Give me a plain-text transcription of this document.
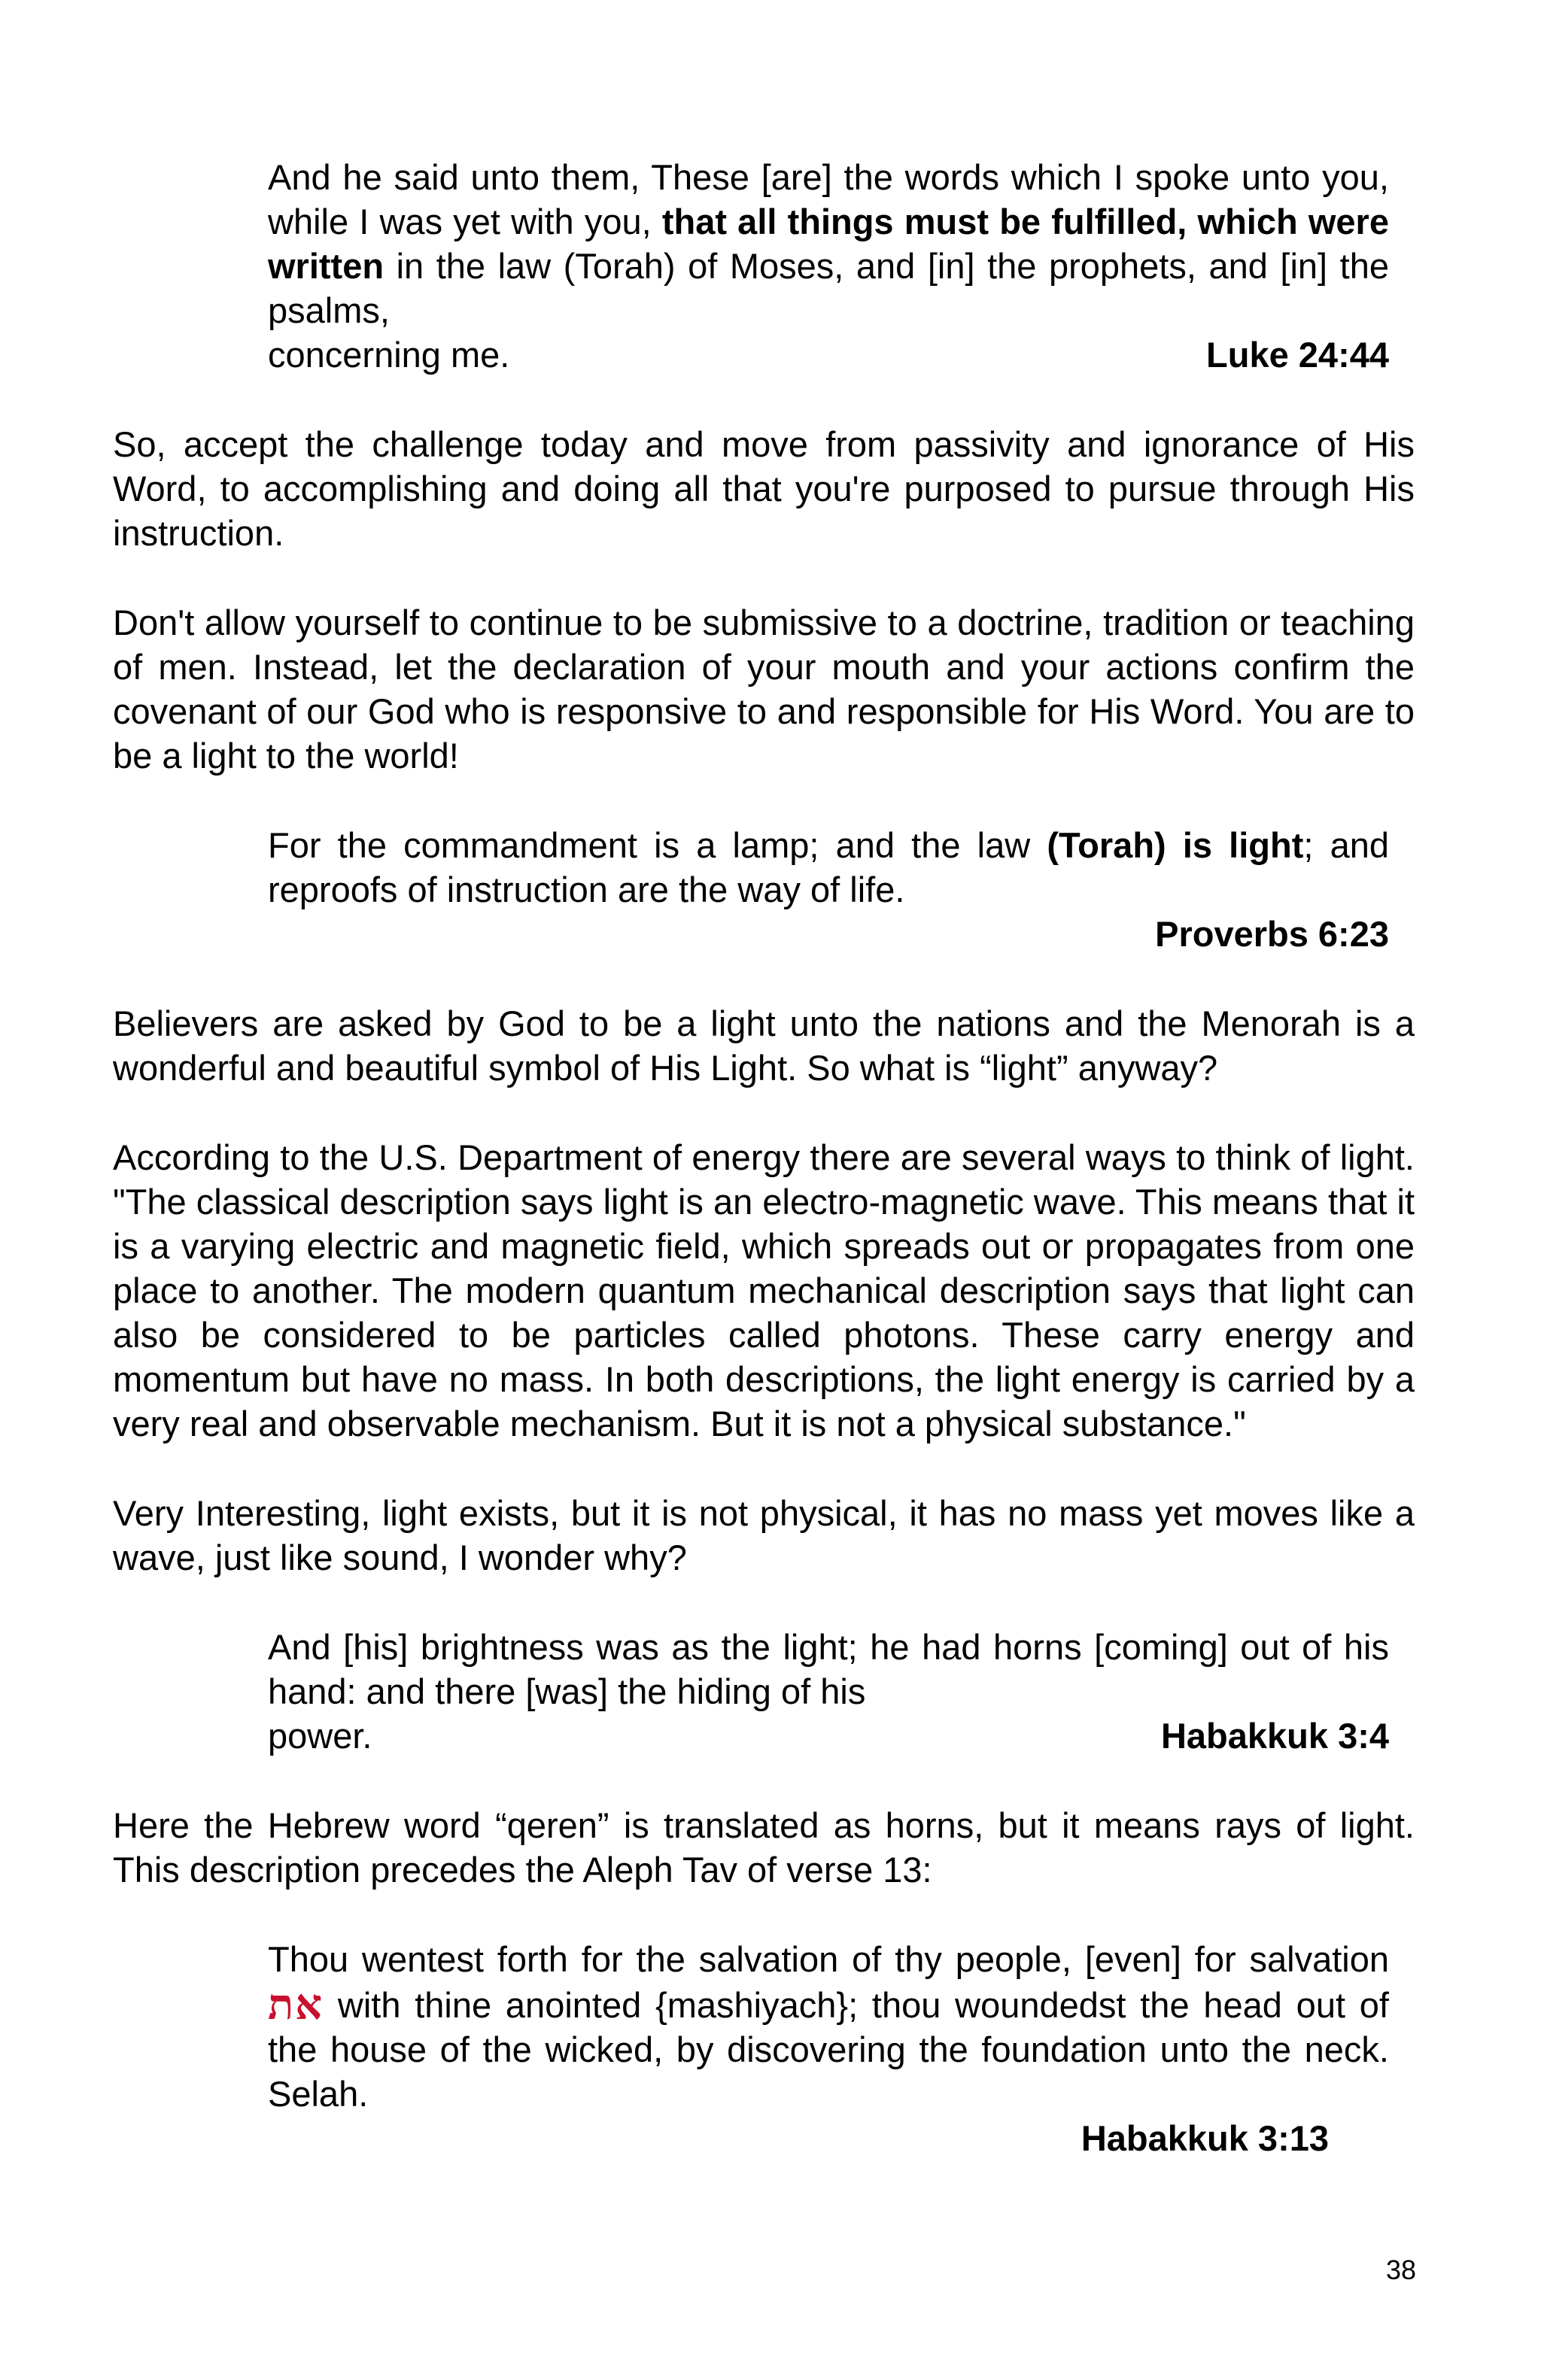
And he said unto them, These [are] the words which I spoke unto you, while I was yet with you, that all things must be fulfilled, which were written in the law (Torah) of Moses, and [in] the prophets, and [in] the psalms,
concerning me.	Luke 24:44

So, accept the challenge today and move from passivity and ignorance of His Word, to accomplishing and doing all that you're purposed to pursue through His instruction.

Don't allow yourself to continue to be submissive to a doctrine, tradition or teaching of men. Instead, let the declaration of your mouth and your actions confirm the covenant of our God who is responsive to and responsible for His Word. You are to be a light to the world!

For the commandment is a lamp; and the law (Torah) is light; and reproofs of instruction are the way of life.
Proverbs 6:23

Believers are asked by God to be a light unto the nations and the Menorah is a wonderful and beautiful symbol of His Light. So what is “light” anyway?

According to the U.S. Department of energy there are several ways to think of light. "The classical description says light is an electro-magnetic wave. This means that it is a varying electric and magnetic field, which spreads out or propagates from one place to another. The modern quantum mechanical description says that light can also be considered to be particles called photons. These carry energy and momentum but have no mass. In both descriptions, the light energy is carried by a very real and observable mechanism. But it is not a physical substance."

Very Interesting, light exists, but it is not physical, it has no mass yet moves like a wave, just like sound, I wonder why?

And [his] brightness was as the light; he had horns [coming] out of his hand: and there [was] the hiding of his
power.	Habakkuk 3:4

Here the Hebrew word “qeren” is translated as horns, but it means rays of light. This description precedes the Aleph Tav of verse 13:

Thou wentest forth for the salvation of thy people, [even] for salvation את with thine anointed {mashiyach}; thou woundedst the head out of the house of the wicked, by discovering the foundation unto the neck. Selah.
Habakkuk 3:13
38
